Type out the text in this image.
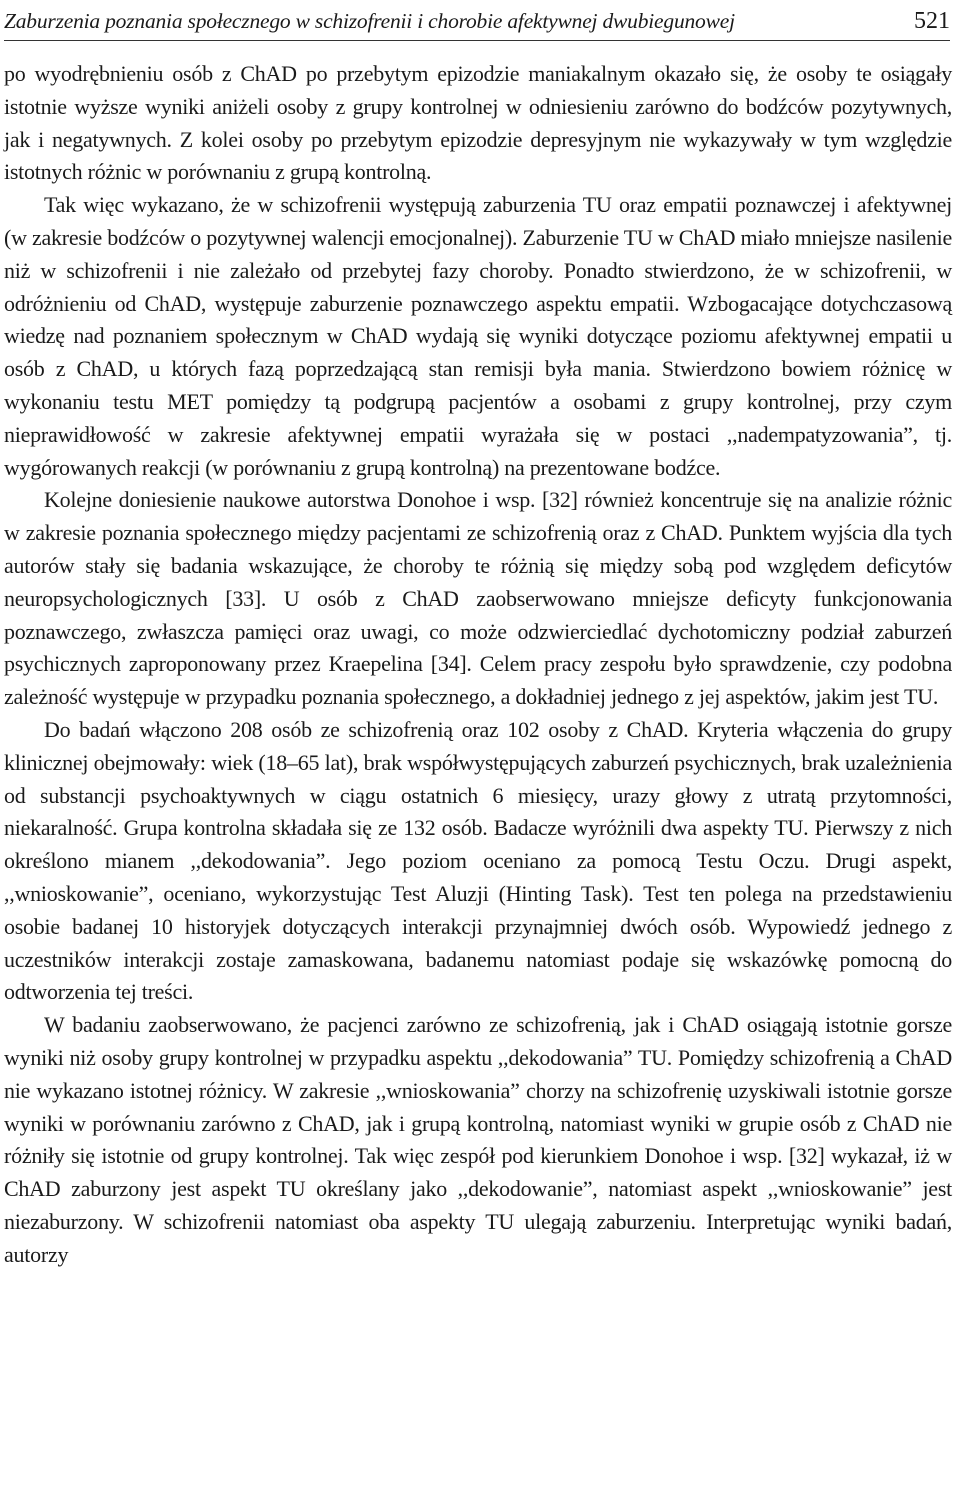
Zaburzenia poznania społecznego w schizofrenii i chorobie afektywnej dwubiegunowej	521

po wyodrębnieniu osób z ChAD po przebytym epizodzie maniakalnym okazało się, że osoby te osiągały istotnie wyższe wyniki aniżeli osoby z grupy kontrolnej w odniesieniu zarówno do bodźców pozytywnych, jak i negatywnych. Z kolei osoby po przebytym epizodzie depresyjnym nie wykazywały w tym względzie istotnych różnic w porównaniu z grupą kontrolną.

Tak więc wykazano, że w schizofrenii występują zaburzenia TU oraz empatii poznawczej i afektywnej (w zakresie bodźców o pozytywnej walencji emocjonalnej). Zaburzenie TU w ChAD miało mniejsze nasilenie niż w schizofrenii i nie zależało od przebytej fazy choroby. Ponadto stwierdzono, że w schizofrenii, w odróżnieniu od ChAD, występuje zaburzenie poznawczego aspektu empatii. Wzbogacające dotychczasową wiedzę nad poznaniem społecznym w ChAD wydają się wyniki dotyczące poziomu afektywnej empatii u osób z ChAD, u których fazą poprzedzającą stan remisji była mania. Stwierdzono bowiem różnicę w wykonaniu testu MET pomiędzy tą podgrupą pacjentów a osobami z grupy kontrolnej, przy czym nieprawidłowość w zakresie afektywnej empatii wyrażała się w postaci ,,nadempatyzowania”, tj. wygórowanych reakcji (w porównaniu z grupą kontrolną) na prezentowane bodźce.

Kolejne doniesienie naukowe autorstwa Donohoe i wsp. [32] również koncentruje się na analizie różnic w zakresie poznania społecznego między pacjentami ze schizofrenią oraz z ChAD. Punktem wyjścia dla tych autorów stały się badania wskazujące, że choroby te różnią się między sobą pod względem deficytów neuropsychologicznych [33]. U osób z ChAD zaobserwowano mniejsze deficyty funkcjonowania poznawczego, zwłaszcza pamięci oraz uwagi, co może odzwierciedlać dychotomiczny podział zaburzeń psychicznych zaproponowany przez Kraepelina [34]. Celem pracy zespołu było sprawdzenie, czy podobna zależność występuje w przypadku poznania społecznego, a dokładniej jednego z jej aspektów, jakim jest TU.

Do badań włączono 208 osób ze schizofrenią oraz 102 osoby z ChAD. Kryteria włączenia do grupy klinicznej obejmowały: wiek (18–65 lat), brak współwystępujących zaburzeń psychicznych, brak uzależnienia od substancji psychoaktywnych w ciągu ostatnich 6 miesięcy, urazy głowy z utratą przytomności, niekaralność. Grupa kontrolna składała się ze 132 osób. Badacze wyróżnili dwa aspekty TU. Pierwszy z nich określono mianem ,,dekodowania”. Jego poziom oceniano za pomocą Testu Oczu. Drugi aspekt, ,,wnioskowanie”, oceniano, wykorzystując Test Aluzji (Hinting Task). Test ten polega na przedstawieniu osobie badanej 10 historyjek dotyczących interakcji przynajmniej dwóch osób. Wypowiedź jednego z uczestników interakcji zostaje zamaskowana, badanemu natomiast podaje się wskazówkę pomocną do odtworzenia tej treści.

W badaniu zaobserwowano, że pacjenci zarówno ze schizofrenią, jak i ChAD osiągają istotnie gorsze wyniki niż osoby grupy kontrolnej w przypadku aspektu ,,dekodowania” TU. Pomiędzy schizofrenią a ChAD nie wykazano istotnej różnicy. W zakresie ,,wnioskowania” chorzy na schizofrenię uzyskiwali istotnie gorsze wyniki w porównaniu zarówno z ChAD, jak i grupą kontrolną, natomiast wyniki w grupie osób z ChAD nie różniły się istotnie od grupy kontrolnej. Tak więc zespół pod kierunkiem Donohoe i wsp. [32] wykazał, iż w ChAD zaburzony jest aspekt TU określany jako ,,dekodowanie”, natomiast aspekt ,,wnioskowanie” jest niezaburzony. W schizofrenii natomiast oba aspekty TU ulegają zaburzeniu. Interpretując wyniki badań, autorzy
